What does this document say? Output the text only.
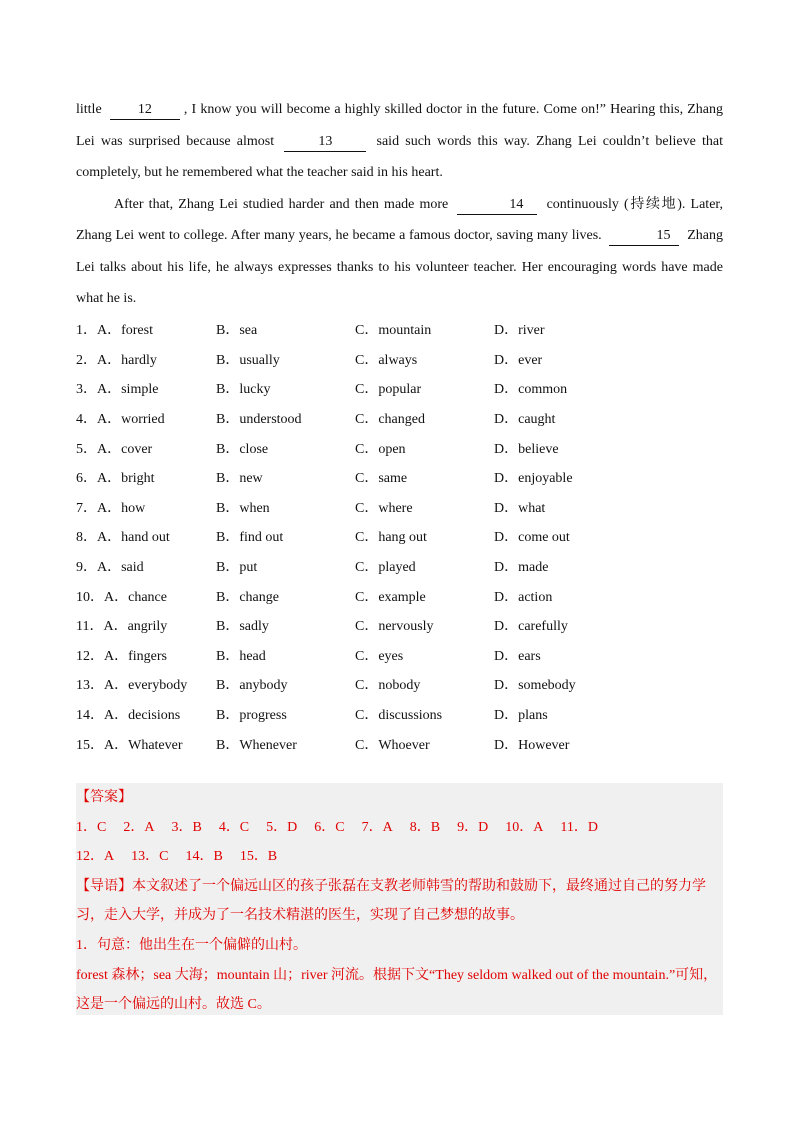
little	12 , I know you will become a highly skilled doctor in the future. Come on!” Hearing this, Zhang Lei was surprised because almost	13	said such words this way. Zhang Lei couldn’t believe that completely, but he remembered what the teacher said in his heart.

After that, Zhang Lei studied harder and then made more	14 continuously (持续地). Later, Zhang Lei went to college. After many years, he became a famous doctor, saving many lives.	15 Zhang Lei talks about his life, he always expresses thanks to his volunteer teacher. Her encouraging words have made what he is.

1．A．forest	B．sea	C．mountain	D．river
2．A．hardly	B．usually	C．always	D．ever
3．A．simple	B．lucky	C．popular	D．common
4．A．worried	B．understood	C．changed	D．caught
5．A．cover	B．close	C．open	D．believe
6．A．bright	B．new	C．same	D．enjoyable
7．A．how	B．when	C．where	D．what
8．A．hand out	B．find out	C．hang out	D．come out
9．A．said	B．put	C．played	D．made
10．A．chance	B．change	C．example	D．action
11．A．angrily	B．sadly	C．nervously	D．carefully
12．A．fingers	B．head	C．eyes	D．ears
13．A．everybody	B．anybody	C．nobody	D．somebody
14．A．decisions	B．progress	C．discussions	D．plans
15．A．Whatever	B．Whenever	C．Whoever	D．However
【答案】
1．C 2．A 3．B 4．C 5．D 6．C 7．A 8．B 9．D 10．A 11．D
12．A 13．C 14．B 15．B
【导语】本文叙述了一个偏远山区的孩子张磊在支教老师韩雪的帮助和鼓励下，最终通过自己的努力学习，走入大学，并成为了一名技术精湛的医生，实现了自己梦想的故事。
1．句意：他出生在一个偏僻的山村。
forest 森林；sea 大海；mountain 山；river 河流。根据下文“They seldom walked out of the mountain.”可知，这是一个偏远的山村。故选 C。
